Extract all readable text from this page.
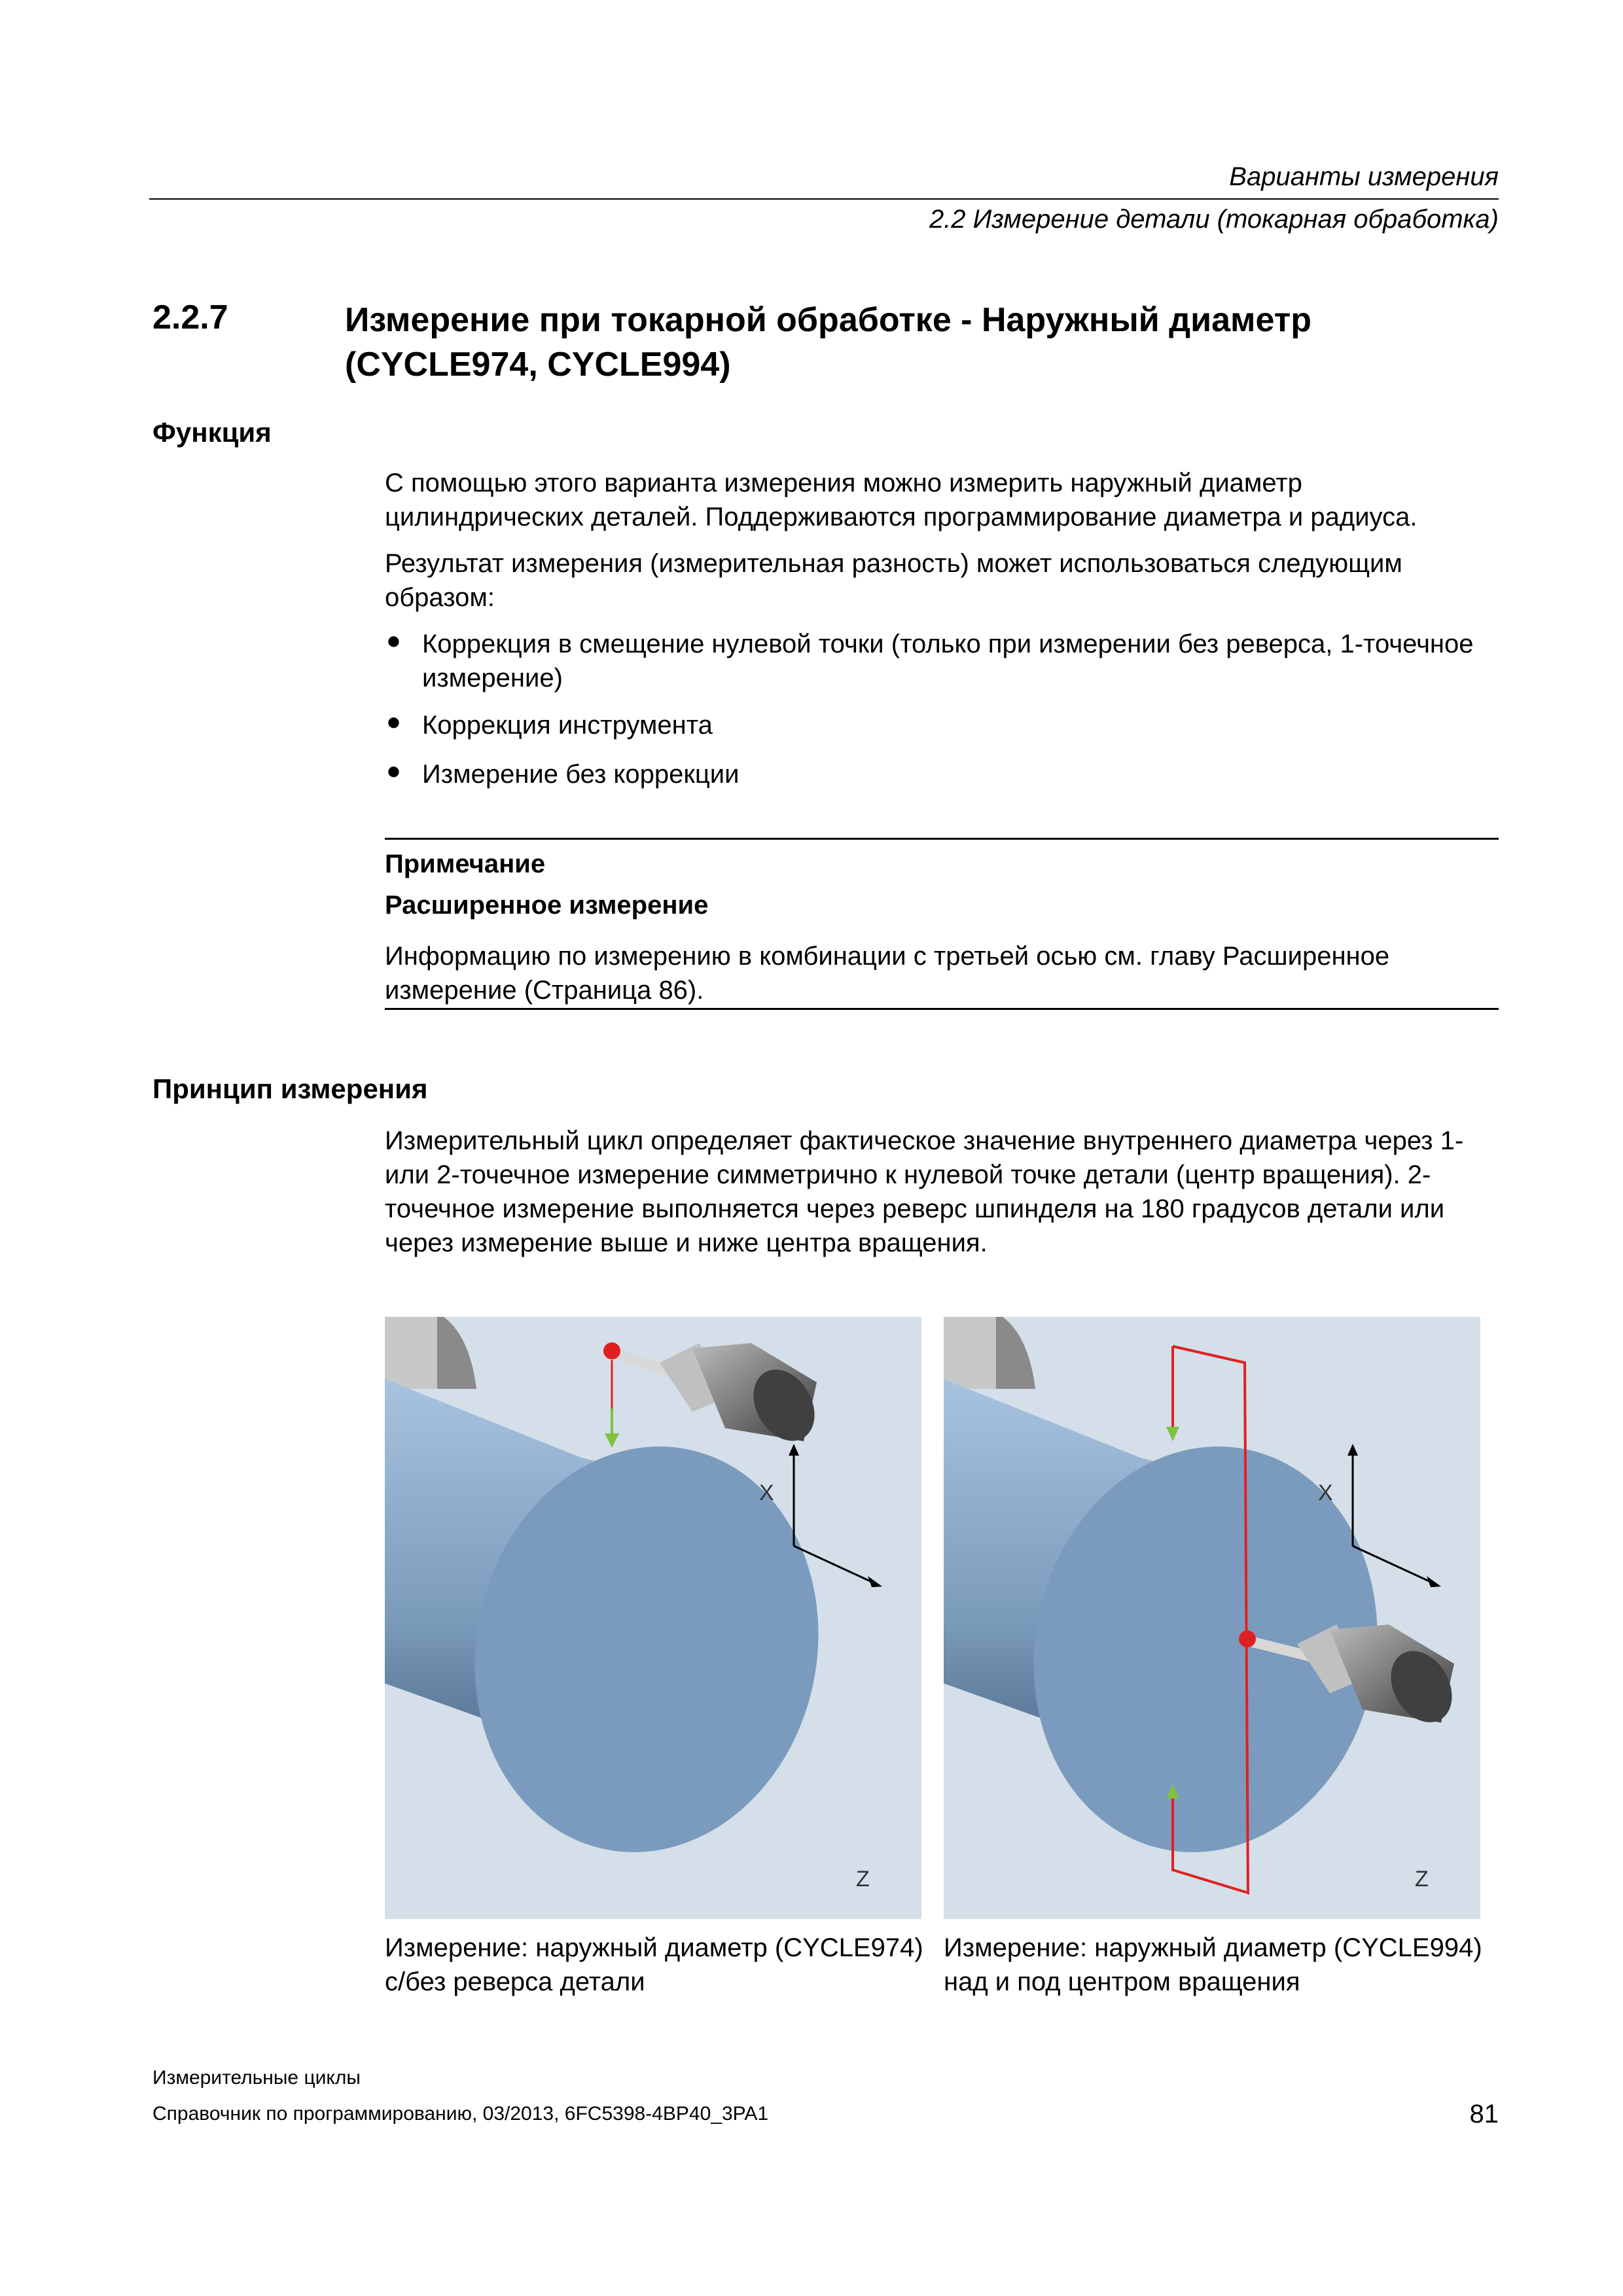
Варианты измерения
2.2 Измерение детали (токарная обработка)
2.2.7	Измерение при токарной обработке - Наружный диаметр (CYCLE974, CYCLE994)
Функция
С помощью этого варианта измерения можно измерить наружный диаметр цилиндрических деталей. Поддерживаются программирование диаметра и радиуса.
Результат измерения (измерительная разность) может использоваться следующим образом:
● Коррекция в смещение нулевой точки (только при измерении без реверса, 1-точечное измерение)
● Коррекция инструмента
● Измерение без коррекции
Примечание
Расширенное измерение
Информацию по измерению в комбинации с третьей осью см. главу Расширенное измерение (Страница 86).
Принцип измерения
Измерительный цикл определяет фактическое значение внутреннего диаметра через 1- или 2-точечное измерение симметрично к нулевой точке детали (центр вращения). 2-точечное измерение выполняется через реверс шпинделя на 180 градусов детали или через измерение выше и ниже центра вращения.
X
Z
X
Z
Измерение: наружный диаметр (CYCLE974) с/без реверса детали
Измерение: наружный диаметр (CYCLE994) над и под центром вращения
Измерительные циклы
Справочник по программированию, 03/2013, 6FC5398-4BP40_3PA1	81
